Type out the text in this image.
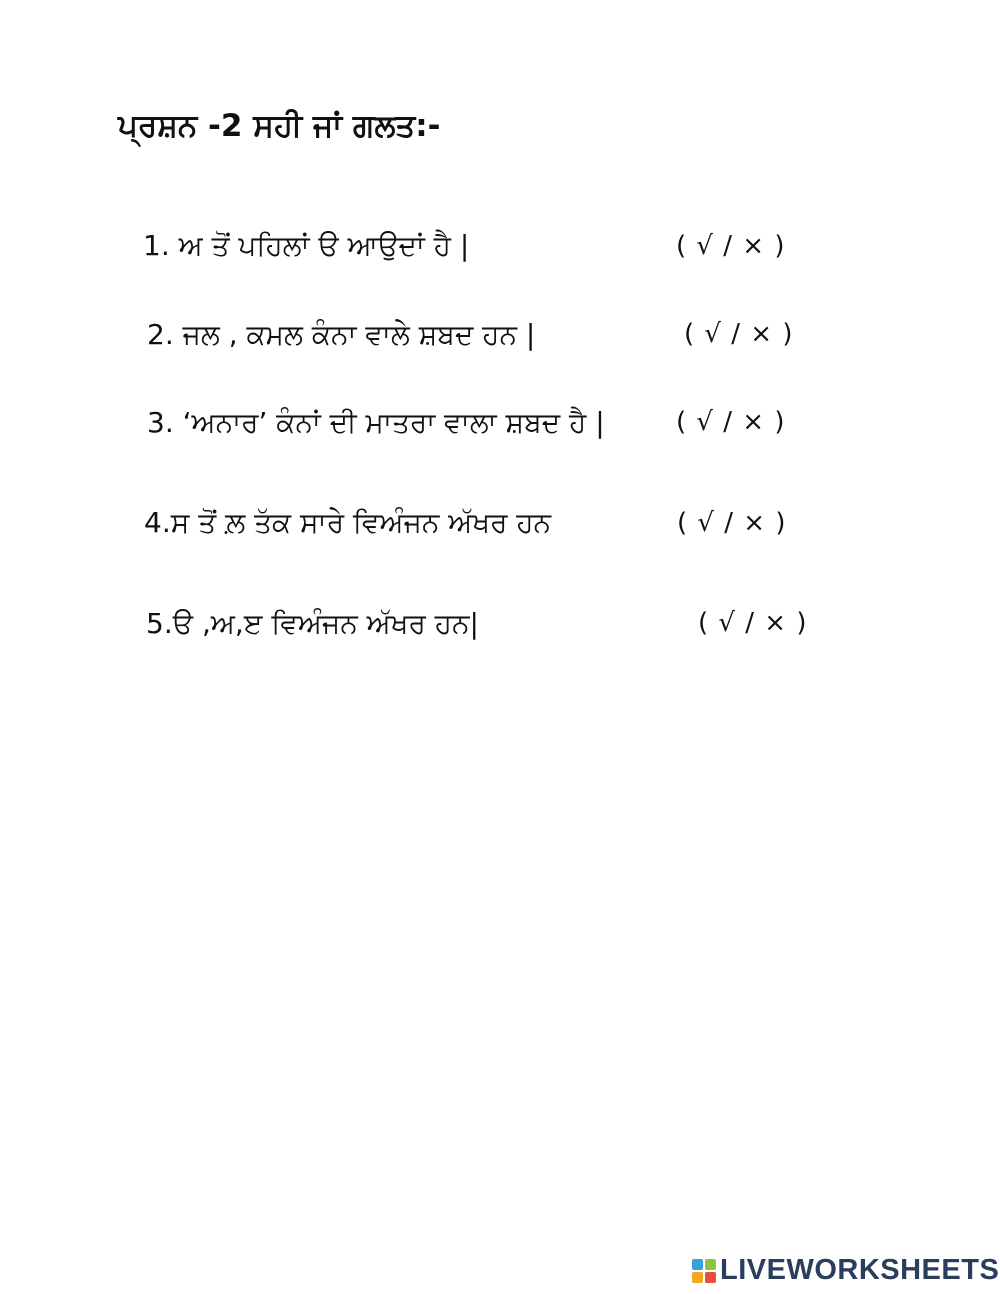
ਪ੍ਰਸ਼ਨ -2 ਸਹੀ ਜਾਂ ਗਲਤ:-
1. ਅ ਤੋਂ ਪਹਿਲਾਂ ੳ ਆਉਦਾਂ ਹੈ |	( √ / × )
2. ਜਲ , ਕਮਲ ਕੰਨਾ ਵਾਲੇ ਸ਼ਬਦ ਹਨ |	( √ / × )
3. ‘ਅਨਾਰ’ ਕੰਨਾਂ ਦੀ ਮਾਤਰਾ ਵਾਲਾ ਸ਼ਬਦ ਹੈ |	( √ / × )
4.ਸ ਤੋਂ ਲ਼ ਤੱਕ ਸਾਰੇ ਵਿਅੰਜਨ ਅੱਖਰ ਹਨ	( √ / × )
5.ੳ ,ਅ,ੲ ਵਿਅੰਜਨ ਅੱਖਰ ਹਨ|	( √ / × )
LIVEWORKSHEETS
